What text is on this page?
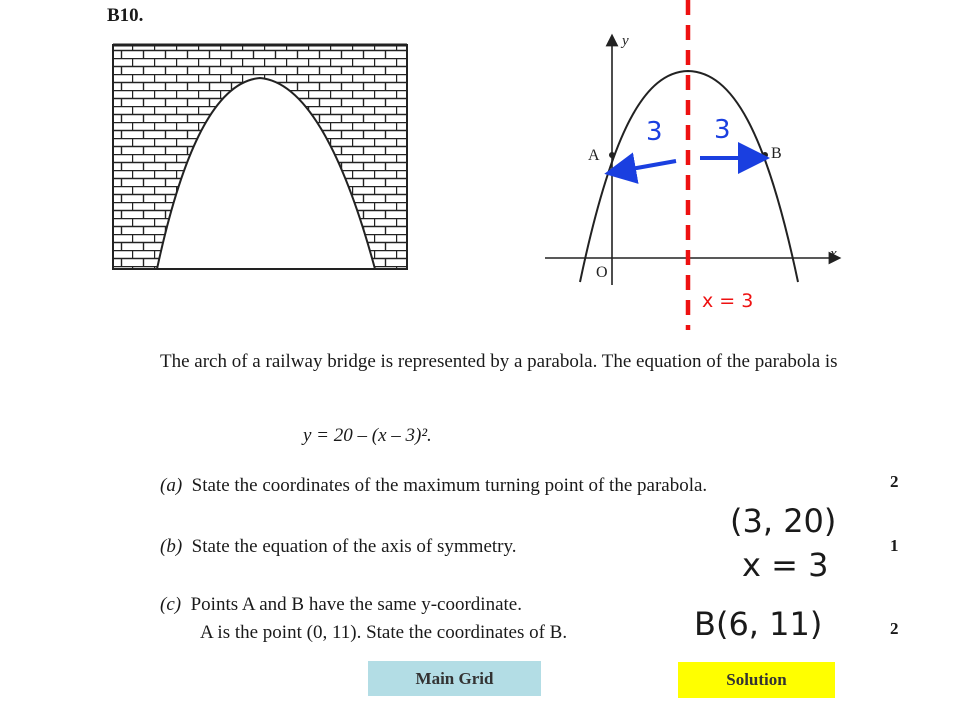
B10.
y
x
O
A	B
3 3
x = 3
The arch of a railway bridge is represented by a parabola. The equation of the parabola is
y = 20 – (x – 3)².
(a) State the coordinates of the maximum turning point of the parabola.
(b) State the equation of the axis of symmetry.
(c) Points A and B have the same y-coordinate.
A is the point (0, 11). State the coordinates of B.
2
1
2
(3, 20)
x = 3
B(6, 11)
Main Grid	Solution
